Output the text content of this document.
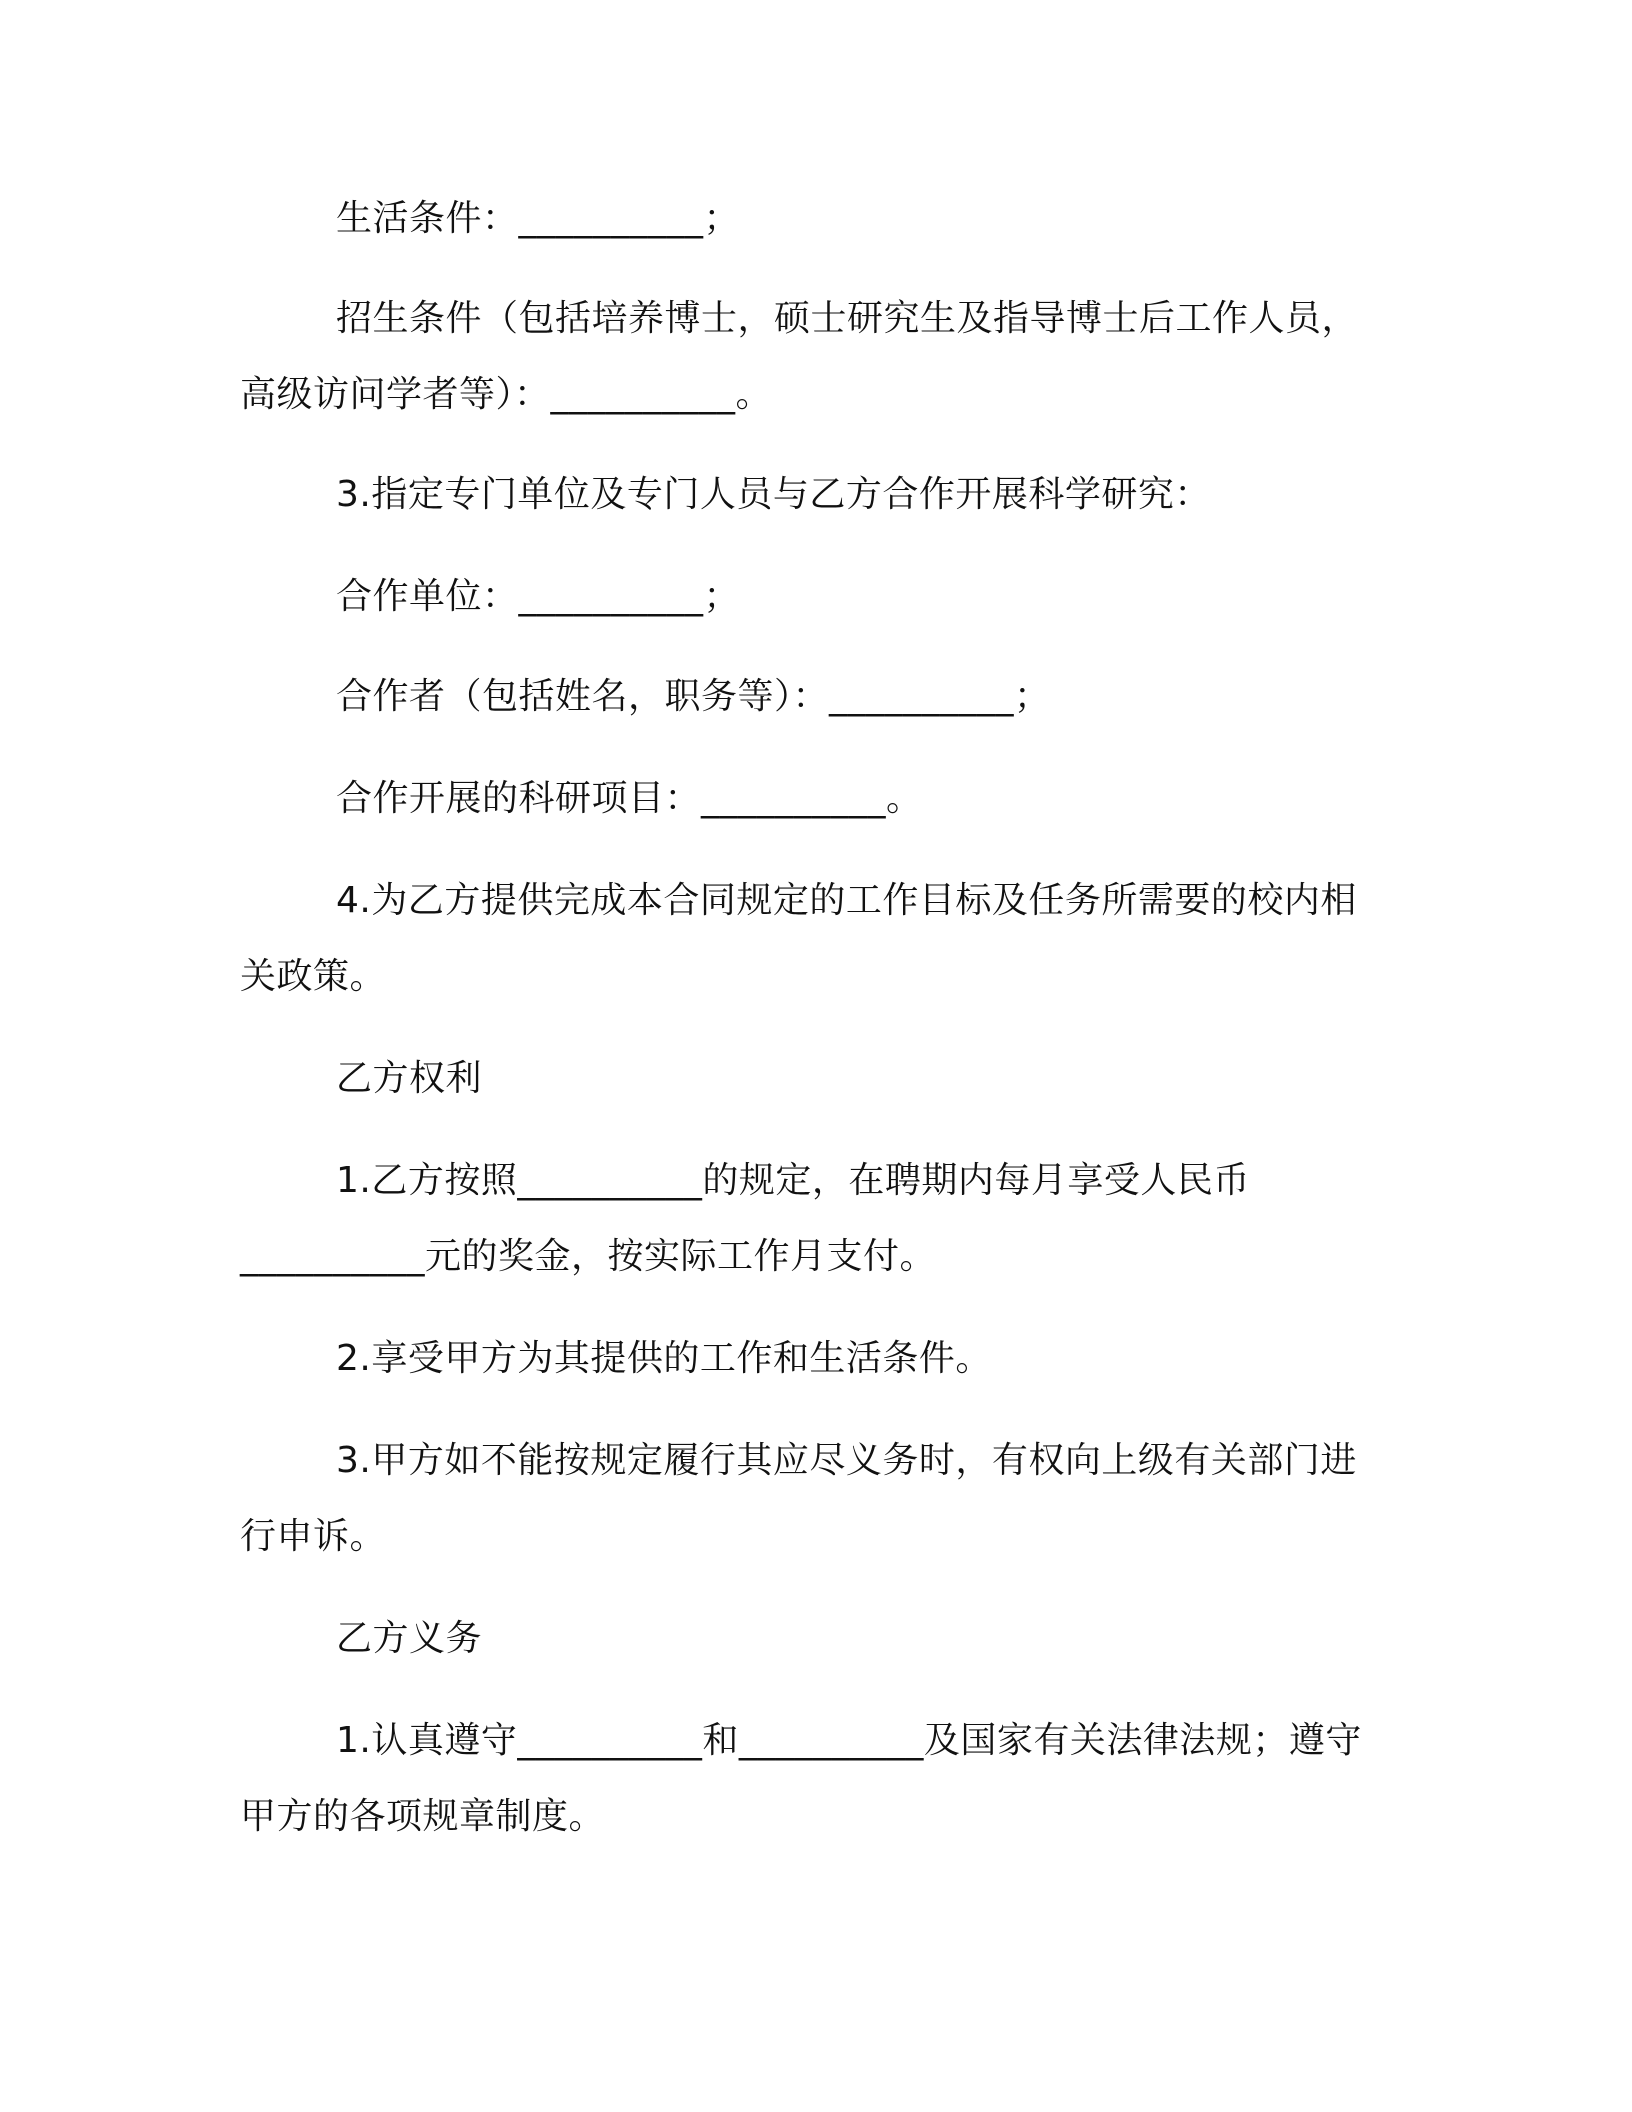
生活条件：__________；
招生条件（包括培养博士，硕士研究生及指导博士后工作人员，
高级访问学者等）：__________。
3.指定专门单位及专门人员与乙方合作开展科学研究：
合作单位：__________；
合作者（包括姓名，职务等）：__________；
合作开展的科研项目：__________。
4.为乙方提供完成本合同规定的工作目标及任务所需要的校内相
关政策。
乙方权利
1.乙方按照__________的规定，在聘期内每月享受人民币
__________元的奖金，按实际工作月支付。
2.享受甲方为其提供的工作和生活条件。
3.甲方如不能按规定履行其应尽义务时，有权向上级有关部门进
行申诉。
乙方义务
1.认真遵守__________和__________及国家有关法律法规；遵守
甲方的各项规章制度。
